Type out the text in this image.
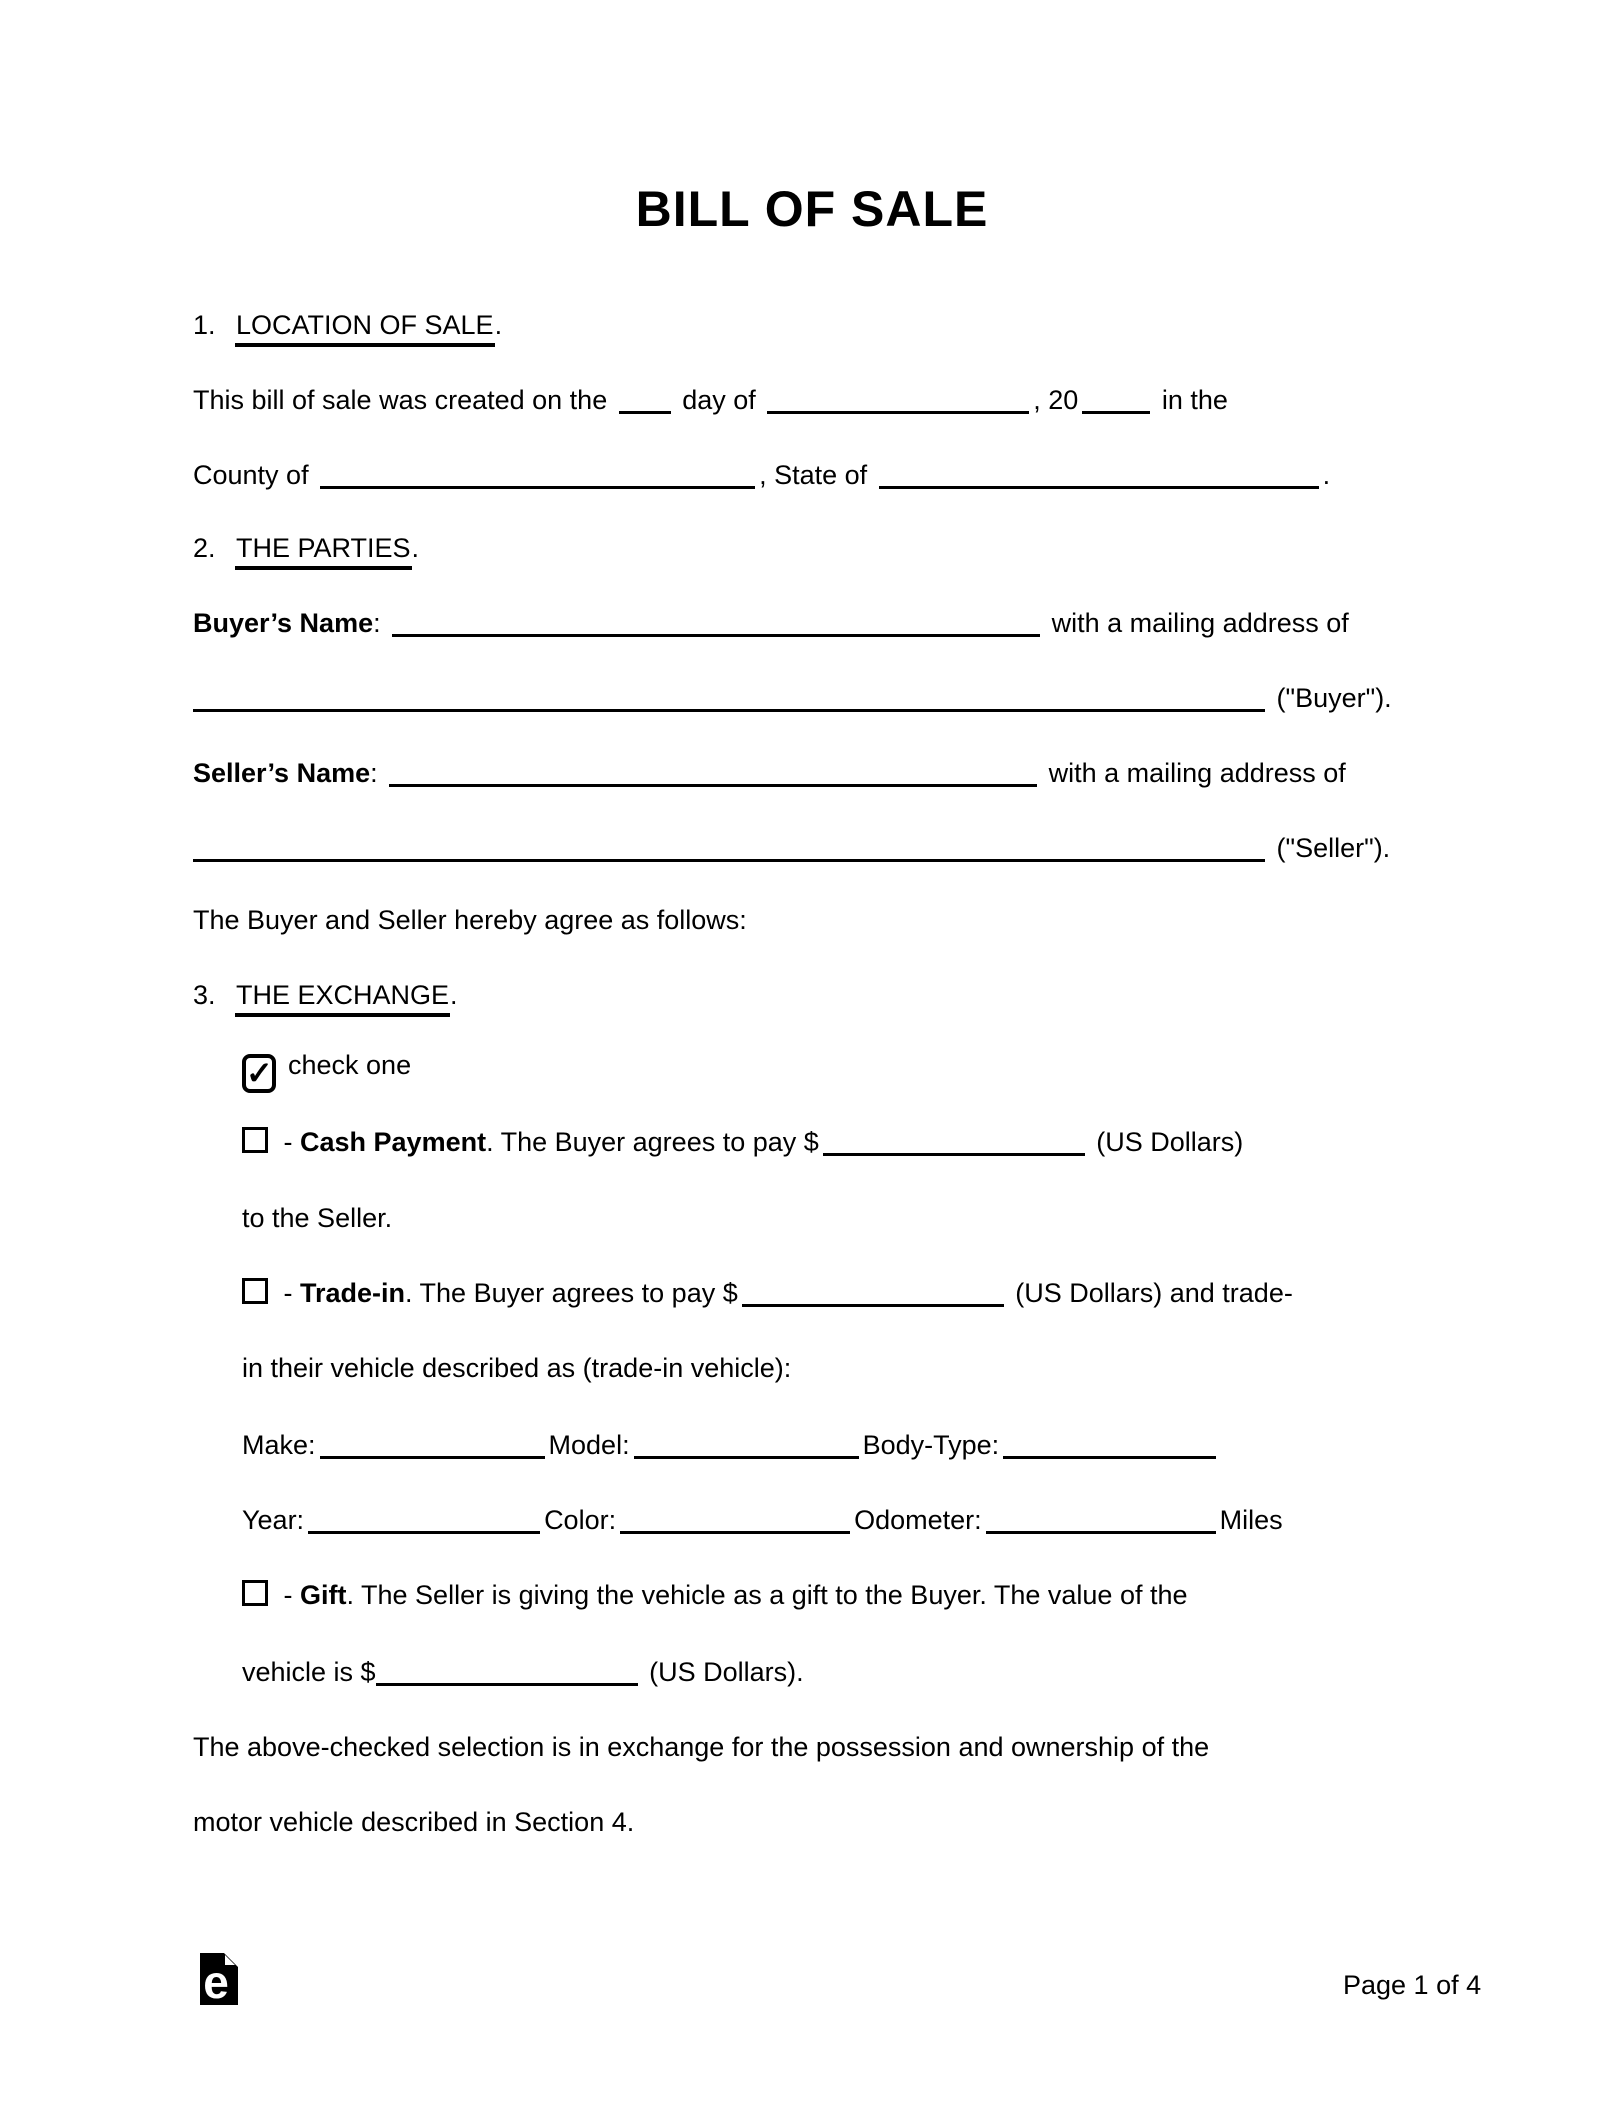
BILL OF SALE
1. LOCATION OF SALE.
This bill of sale was created on the  day of	, 20	in the
County of	, State of	.
2. THE PARTIES.
Buyer’s Name:	with a mailing address of
("Buyer").
Seller’s Name:	with a mailing address of
("Seller").
The Buyer and Seller hereby agree as follows:
3. THE EXCHANGE.
✓ check one
- Cash Payment. The Buyer agrees to pay $	(US Dollars)
to the Seller.
- Trade-in. The Buyer agrees to pay $	(US Dollars) and trade-
in their vehicle described as (trade-in vehicle):
Make:	Model:	Body-Type:
Year:	Color:	Odometer:	Miles
- Gift. The Seller is giving the vehicle as a gift to the Buyer. The value of the
vehicle is $	(US Dollars).
The above-checked selection is in exchange for the possession and ownership of the
motor vehicle described in Section 4.
e	Page 1 of 4
